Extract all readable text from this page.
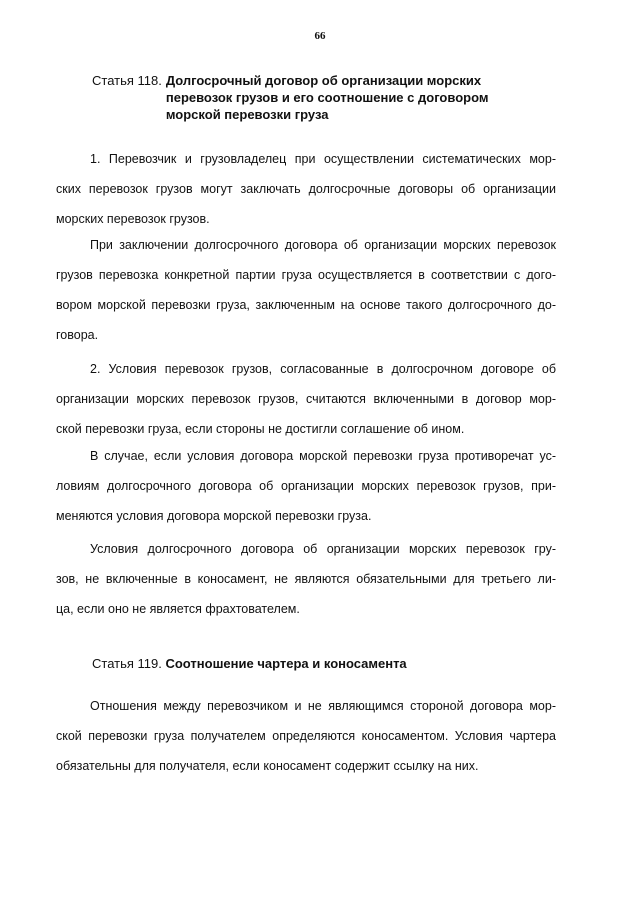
66
Статья 118. Долгосрочный договор об организации морских
перевозок грузов и его соотношение с договором
морской перевозки груза
1. Перевозчик и грузовладелец при осуществлении систематических мор-
ских перевозок грузов могут заключать долгосрочные договоры об организации
морских перевозок грузов.
При заключении долгосрочного договора об организации морских перевозок
грузов перевозка конкретной партии груза осуществляется в соответствии с дого-
вором морской перевозки груза, заключенным на основе такого долгосрочного до-
говора.
2. Условия перевозок грузов, согласованные в долгосрочном договоре об
организации морских перевозок грузов, считаются включенными в договор мор-
ской перевозки груза, если стороны не достигли соглашение об ином.
В случае, если условия договора морской перевозки груза противоречат ус-
ловиям долгосрочного договора об организации морских перевозок грузов, при-
меняются условия договора морской перевозки груза.
Условия долгосрочного договора об организации морских перевозок гру-
зов, не включенные в коносамент, не являются обязательными для третьего ли-
ца, если оно не является фрахтователем.
Статья 119. Соотношение чартера и коносамента
Отношения между перевозчиком и не являющимся стороной договора мор-
ской перевозки груза получателем определяются коносаментом. Условия чартера
обязательны для получателя, если коносамент содержит ссылку на них.
